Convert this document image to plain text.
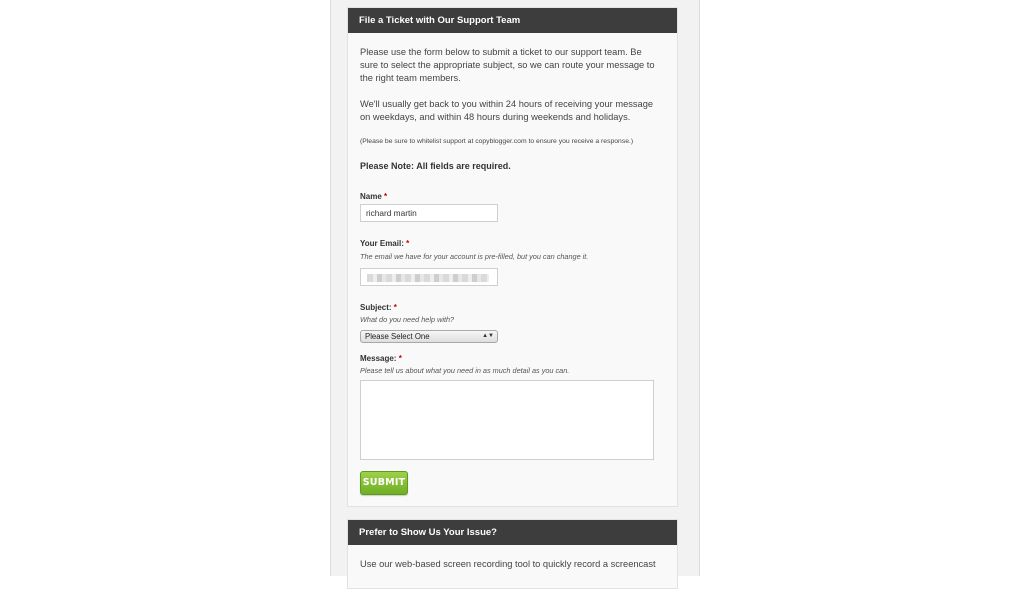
File a Ticket with Our Support Team
Please use the form below to submit a ticket to our support team. Be sure to select the appropriate subject, so we can route your message to the right team members.
We'll usually get back to you within 24 hours of receiving your message on weekdays, and within 48 hours during weekends and holidays.
(Please be sure to whitelist support at copyblogger.com to ensure you receive a response.)
Please Note: All fields are required.
Name *
richard martin
Your Email: *
The email we have for your account is pre-filled, but you can change it.
Subject: *
What do you need help with?
Please Select One	▲▼
Message: *
Please tell us about what you need in as much detail as you can.
SUBMIT
Prefer to Show Us Your Issue?
Use our web-based screen recording tool to quickly record a screencast
